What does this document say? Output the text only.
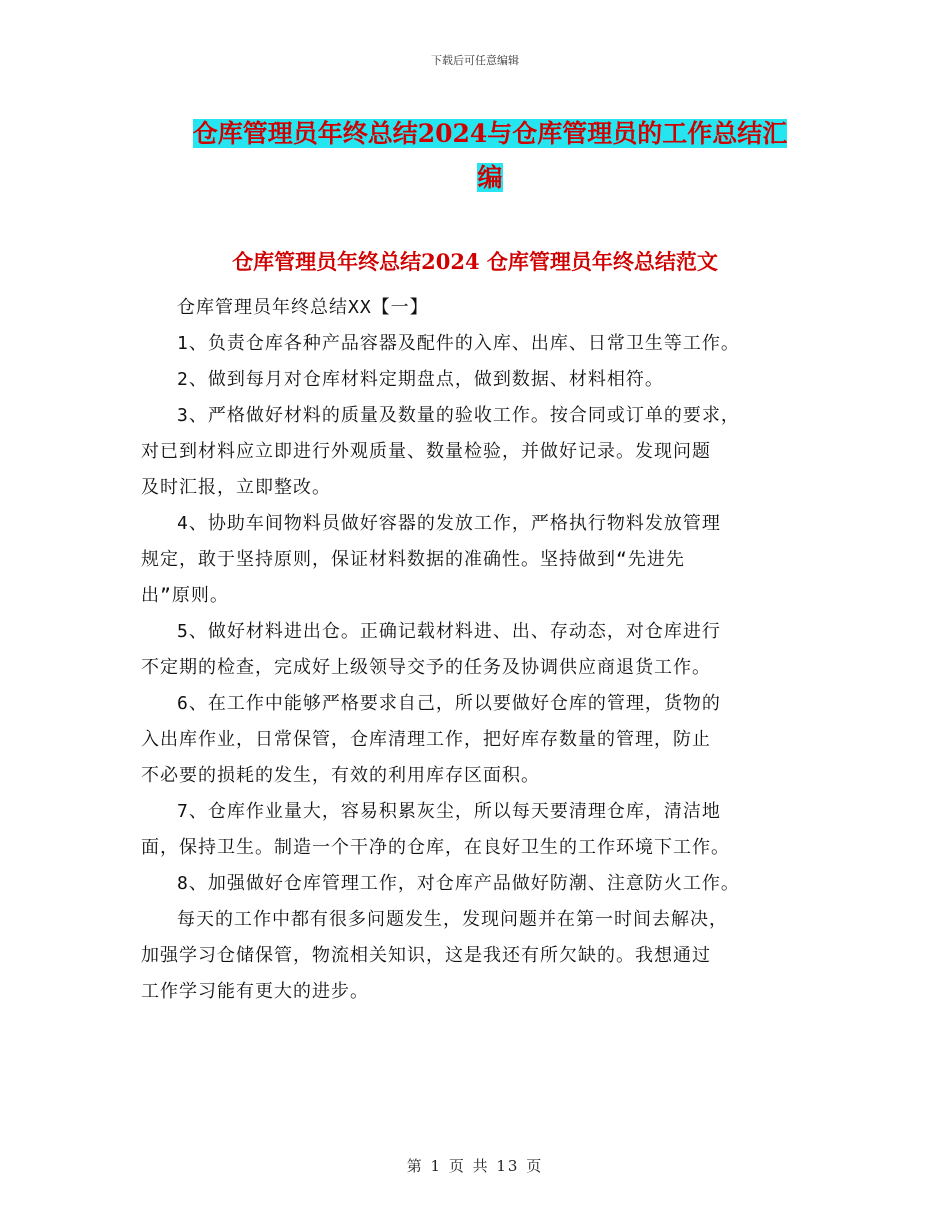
下载后可任意编辑
仓库管理员年终总结2024与仓库管理员的工作总结汇
编
仓库管理员年终总结2024 仓库管理员年终总结范文

仓库管理员年终总结XX【一】

1、负责仓库各种产品容器及配件的入库、出库、日常卫生等工作。

2、做到每月对仓库材料定期盘点，做到数据、材料相符。

3、严格做好材料的质量及数量的验收工作。按合同或订单的要求，
对已到材料应立即进行外观质量、数量检验，并做好记录。发现问题
及时汇报，立即整改。

4、协助车间物料员做好容器的发放工作，严格执行物料发放管理
规定，敢于坚持原则，保证材料数据的准确性。坚持做到“先进先
出”原则。

5、做好材料进出仓。正确记载材料进、出、存动态，对仓库进行
不定期的检查，完成好上级领导交予的任务及协调供应商退货工作。

6、在工作中能够严格要求自己，所以要做好仓库的管理，货物的
入出库作业，日常保管，仓库清理工作，把好库存数量的管理，防止
不必要的损耗的发生，有效的利用库存区面积。

7、仓库作业量大，容易积累灰尘，所以每天要清理仓库，清洁地
面，保持卫生。制造一个干净的仓库，在良好卫生的工作环境下工作。

8、加强做好仓库管理工作，对仓库产品做好防潮、注意防火工作。

每天的工作中都有很多问题发生，发现问题并在第一时间去解决，
加强学习仓储保管，物流相关知识，这是我还有所欠缺的。我想通过
工作学习能有更大的进步。

第 1 页 共 13 页
